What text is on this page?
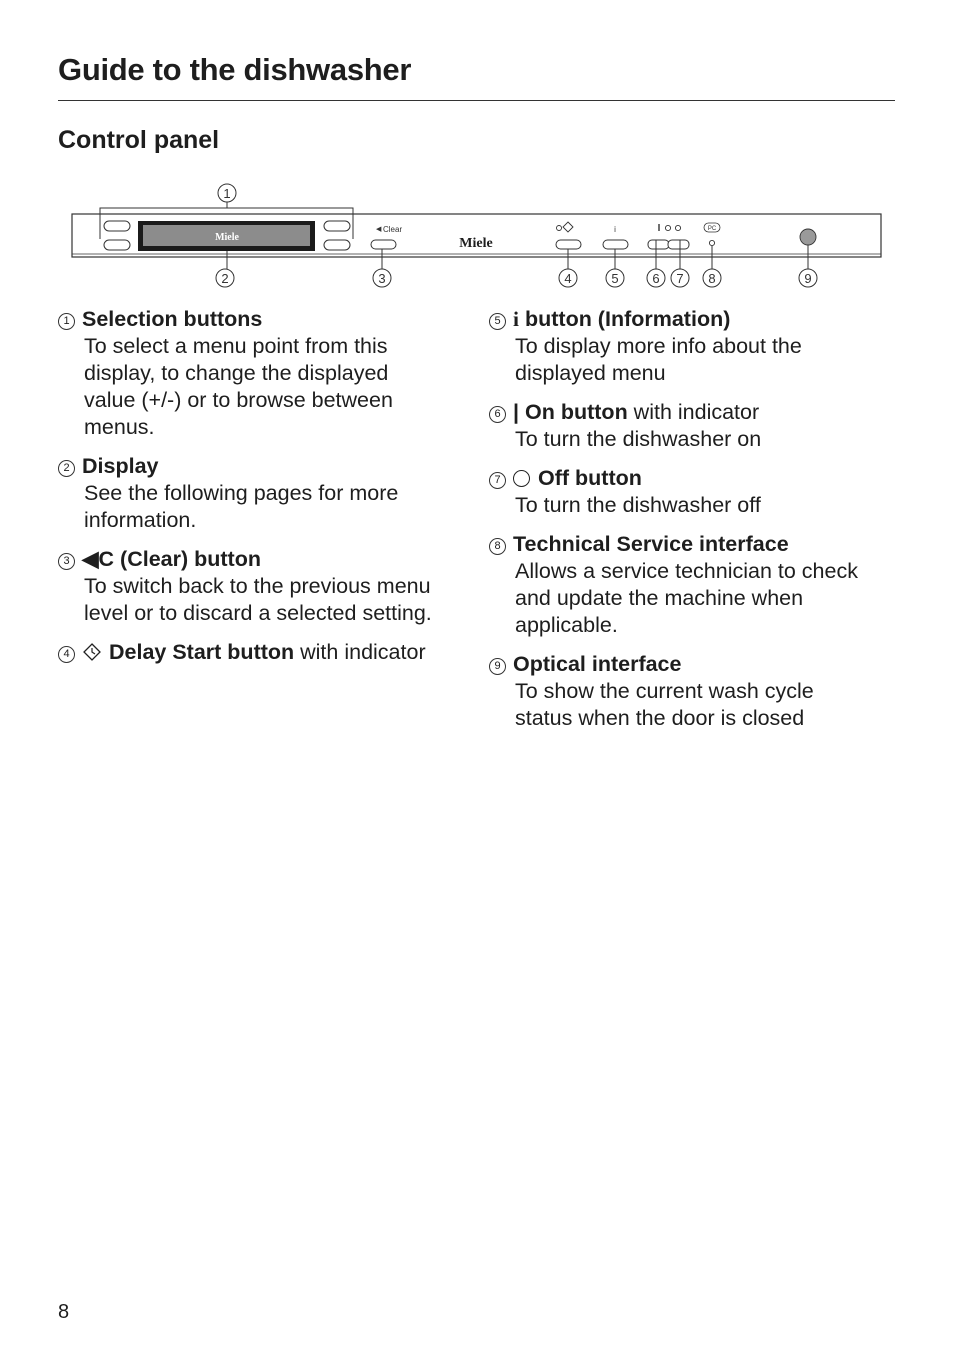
Guide to the dishwasher
Control panel
Miele
◀ Clear
Miele
i	PC
1
2	3	4	5	6 7 8	9
1 Selection buttons
To select a menu point from this
display, to change the displayed
value (+/-) or to browse between
menus.
2 Display
See the following pages for more
information.
3 ◀C (Clear) button
To switch back to the previous menu
level or to discard a selected setting.
4 Delay Start button with indicator
5 i button (Information)
To display more info about the
displayed menu
6 | On button with indicator
To turn the dishwasher on
7 Off button
To turn the dishwasher off
8 Technical Service interface
Allows a service technician to check
and update the machine when
applicable.
9 Optical interface
To show the current wash cycle
status when the door is closed
8
